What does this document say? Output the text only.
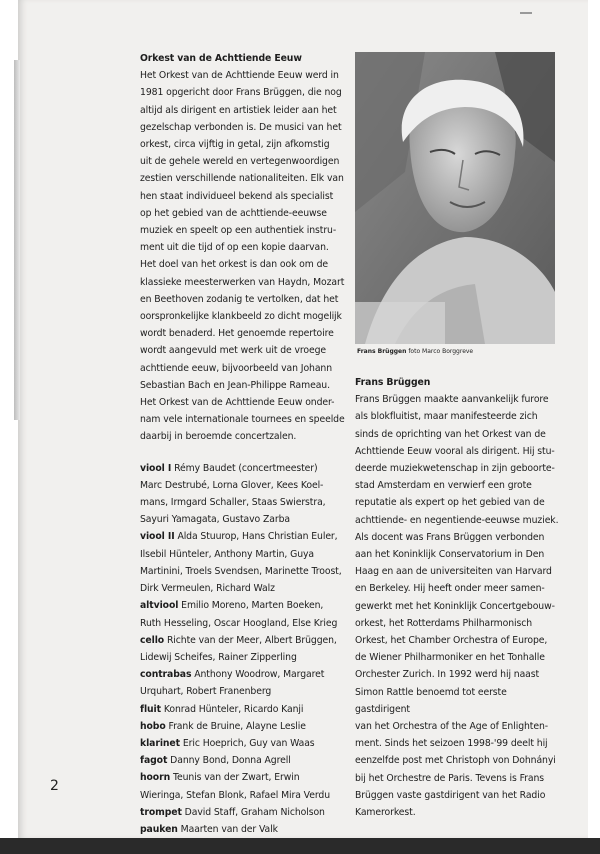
Orkest van de Achttiende Eeuw

Het Orkest van de Achttiende Eeuw werd in

1981 opgericht door Frans Brüggen, die nog

altijd als dirigent en artistiek leider aan het

gezelschap verbonden is. De musici van het

orkest, circa vijftig in getal, zijn afkomstig

uit de gehele wereld en vertegenwoordigen

zestien verschillende nationaliteiten. Elk van

hen staat individueel bekend als specialist

op het gebied van de achttiende-eeuwse

muziek en speelt op een authentiek instru-

ment uit die tijd of op een kopie daarvan.

Het doel van het orkest is dan ook om de

klassieke meesterwerken van Haydn, Mozart

en Beethoven zodanig te vertolken, dat het

oorspronkelijke klankbeeld zo dicht mogelijk

wordt benaderd. Het genoemde repertoire

wordt aangevuld met werk uit de vroege

achttiende eeuw, bijvoorbeeld van Johann

Sebastian Bach en Jean-Philippe Rameau.

Het Orkest van de Achttiende Eeuw onder-

nam vele internationale tournees en speelde

daarbij in beroemde concertzalen.

viool I Rémy Baudet (concertmeester)

Marc Destrubé, Lorna Glover, Kees Koel-

mans, Irmgard Schaller, Staas Swierstra,

Sayuri Yamagata, Gustavo Zarba

viool II Alda Stuurop, Hans Christian Euler,

Ilsebil Hünteler, Anthony Martin, Guya

Martinini, Troels Svendsen, Marinette Troost,

Dirk Vermeulen, Richard Walz

altviool Emilio Moreno, Marten Boeken,

Ruth Hesseling, Oscar Hoogland, Else Krieg

cello Richte van der Meer, Albert Brüggen,

Lidewij Scheifes, Rainer Zipperling

contrabas Anthony Woodrow, Margaret

Urquhart, Robert Franenberg

fluit Konrad Hünteler, Ricardo Kanji

hobo Frank de Bruine, Alayne Leslie

klarinet Eric Hoeprich, Guy van Waas

fagot Danny Bond, Donna Agrell

hoorn Teunis van der Zwart, Erwin

Wieringa, Stefan Blonk, Rafael Mira Verdu

trompet David Staff, Graham Nicholson

pauken Maarten van der Valk

Frans Brüggen foto Marco Borggreve

Frans Brüggen

Frans Brüggen maakte aanvankelijk furore

als blokfluitist, maar manifesteerde zich

sinds de oprichting van het Orkest van de

Achttiende Eeuw vooral als dirigent. Hij stu-

deerde muziekwetenschap in zijn geboorte-

stad Amsterdam en verwierf een grote

reputatie als expert op het gebied van de

achttiende- en negentiende-eeuwse muziek.

Als docent was Frans Brüggen verbonden

aan het Koninklijk Conservatorium in Den

Haag en aan de universiteiten van Harvard

en Berkeley. Hij heeft onder meer samen-

gewerkt met het Koninklijk Concertgebouw-

orkest, het Rotterdams Philharmonisch

Orkest, het Chamber Orchestra of Europe,

de Wiener Philharmoniker en het Tonhalle

Orchester Zurich. In 1992 werd hij naast

Simon Rattle benoemd tot eerste gastdirigent

van het Orchestra of the Age of Enlighten-

ment. Sinds het seizoen 1998-'99 deelt hij

eenzelfde post met Christoph von Dohnányi

bij het Orchestre de Paris. Tevens is Frans

Brüggen vaste gastdirigent van het Radio

Kamerorkest.

2
